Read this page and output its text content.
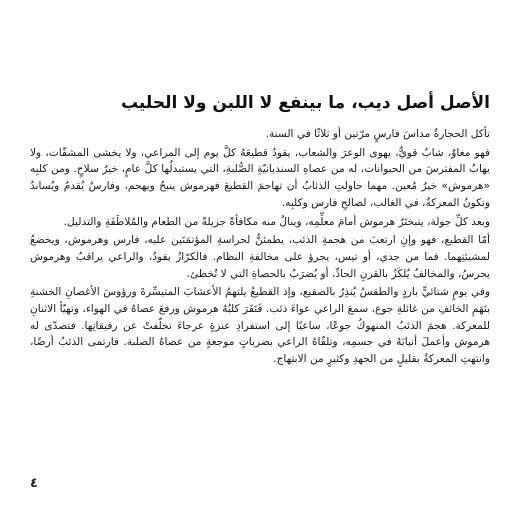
الأصل أصل ديب، ما بينفع لا اللبن ولا الحليب

تأكل الحجارةُ مداسَ فارسٍ مرّتين أو ثلاثًا في السنة.

فهو مغاوٌ، شابٌ قويٌّ، يهوى الوعرَ والشعاب، يقودُ قطيعَهُ كلَّ يوم إلى المراعي، ولا يخشى المشقّات، ولا يهابُ المفترسَ من الحيوانات، له من عصاهِ السنديانيّةِ الصُّلبةِ، التي يستبدلُها كلَّ عامٍ، خيرُ سلاحٍ. ومن كلبِه «هرموش» خيرُ مُعين. مهما حاولتِ الذئابُ أن تهاجمَ القطيعَ فهرموش ينبحُ ويهجم، وفارسٌ يُقدمُ ويُساندُ وتكونُ المعركةُ، في الغالب، لصالحِ فارس وكلبِه.

وبعد كلِّ جولة، يتبختَرُ هرموش أمامَ معلِّمِه، وينالُ منه مكافأةً جزيلةً من الطعام والمُلاطَفَةِ والتدليل.

أمّا القطيع، فهو وإنِ ارتعبَ من هجمةِ الذئب، يطمئنُّ لحراسةِ المؤتمَنَين عليه، فارس وهرموش، ويخضعُ لمشيئتِهما. فما من جدي، أو تيس، يجرؤ على مخالفةِ النظام. فالكرّازُ يقودُ، والراعي يراقبُ وهرموش يحرسُ، والمخالفُ يُلكَزُ بالقرنِ الحادِّ، أو يُضرَبُ بالحصاةِ التي لا تُخطئ.

وفي يومٍ شتائيٍّ باردٍ والطقسُ يُنذِرُ بالصقيع، وإذ القطيعُ يلتهمُ الأعشابَ المتيسِّرةَ ورؤوسَ الأغصانِ الخشنةِ بنَهَمِ الخائفِ من غائلةِ جوع، سمعَ الراعي عواءَ ذئب. فَنَفَرَ كلبُهُ هرموش ورفعَ عصاهُ في الهواء، وتهيّأ الاثنانِ للمعركة. هجمَ الذئبُ المنهوكُ جوعًا، ساعيًا إلى استفرادِ عنزةٍ عرجاءَ تخلّفتْ عن رفيقاتِها. فتصدّى له هرموش وأعملَ أنيابَهُ في جسمِه، وتلقّاهُ الراعي بضرباتٍ موجعةٍ من عصاهُ الصلبة. فارتمى الذئبُ أرضًا، وانتهتِ المعركةُ بقليلٍ من الجهدِ وكثيرٍ من الابتهاج.

٤
